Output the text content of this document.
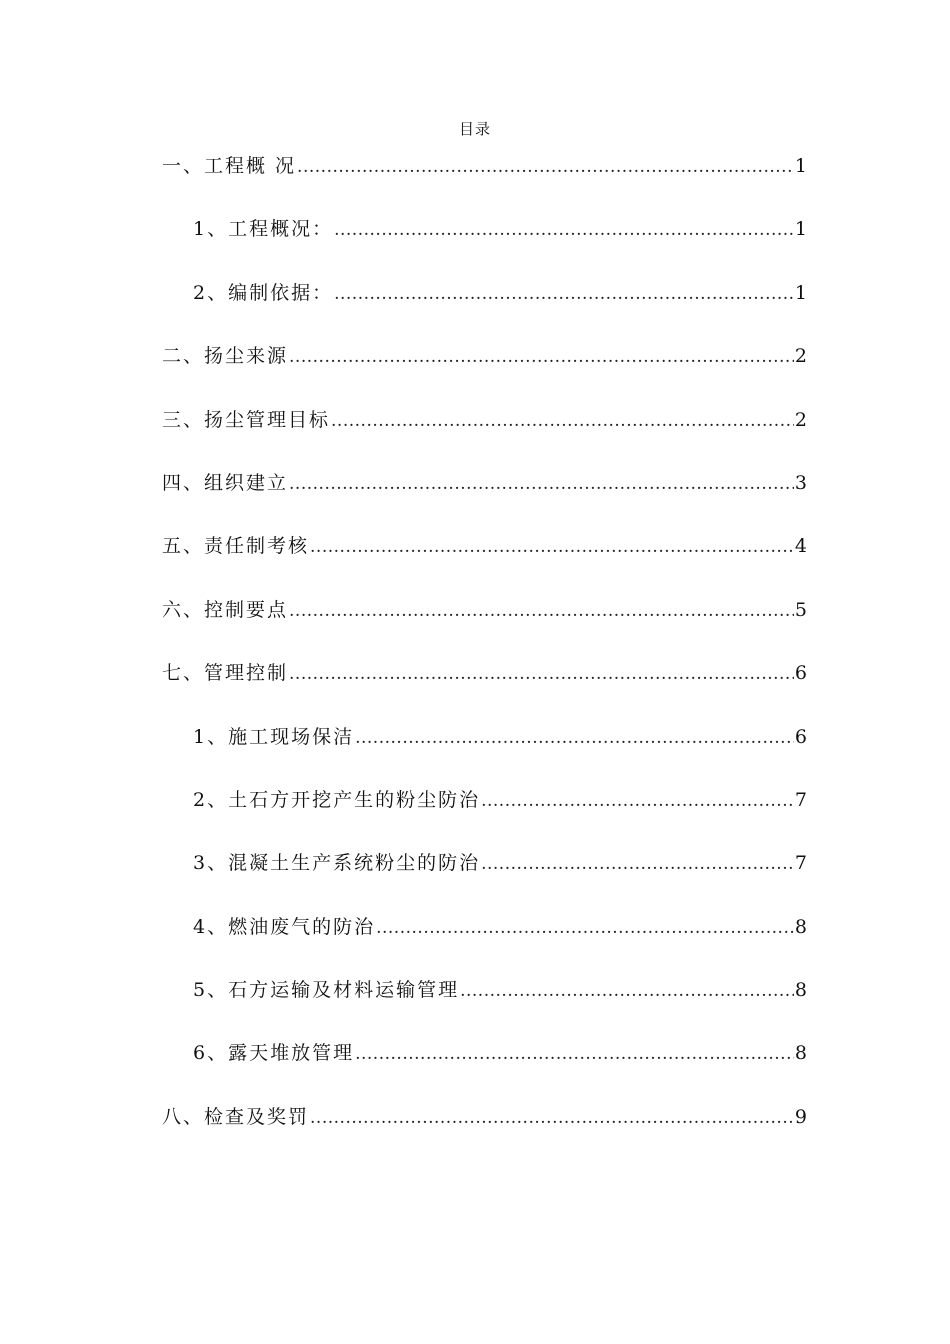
目录
一、工程概 况 .....	1
1、工程概况： .....	1
2、编制依据： .....	1
二、扬尘来源 .....	2
三、扬尘管理目标 .....	2
四、组织建立 .....	3
五、责任制考核 .....	4
六、控制要点 .....	5
七、管理控制 .....	6
1、施工现场保洁 .....	6
2、土石方开挖产生的粉尘防治 .....	7
3、混凝土生产系统粉尘的防治 .....	7
4、燃油废气的防治 .....	8
5、石方运输及材料运输管理 .....	8
6、露天堆放管理 .....	8
八、检查及奖罚 .....	9
